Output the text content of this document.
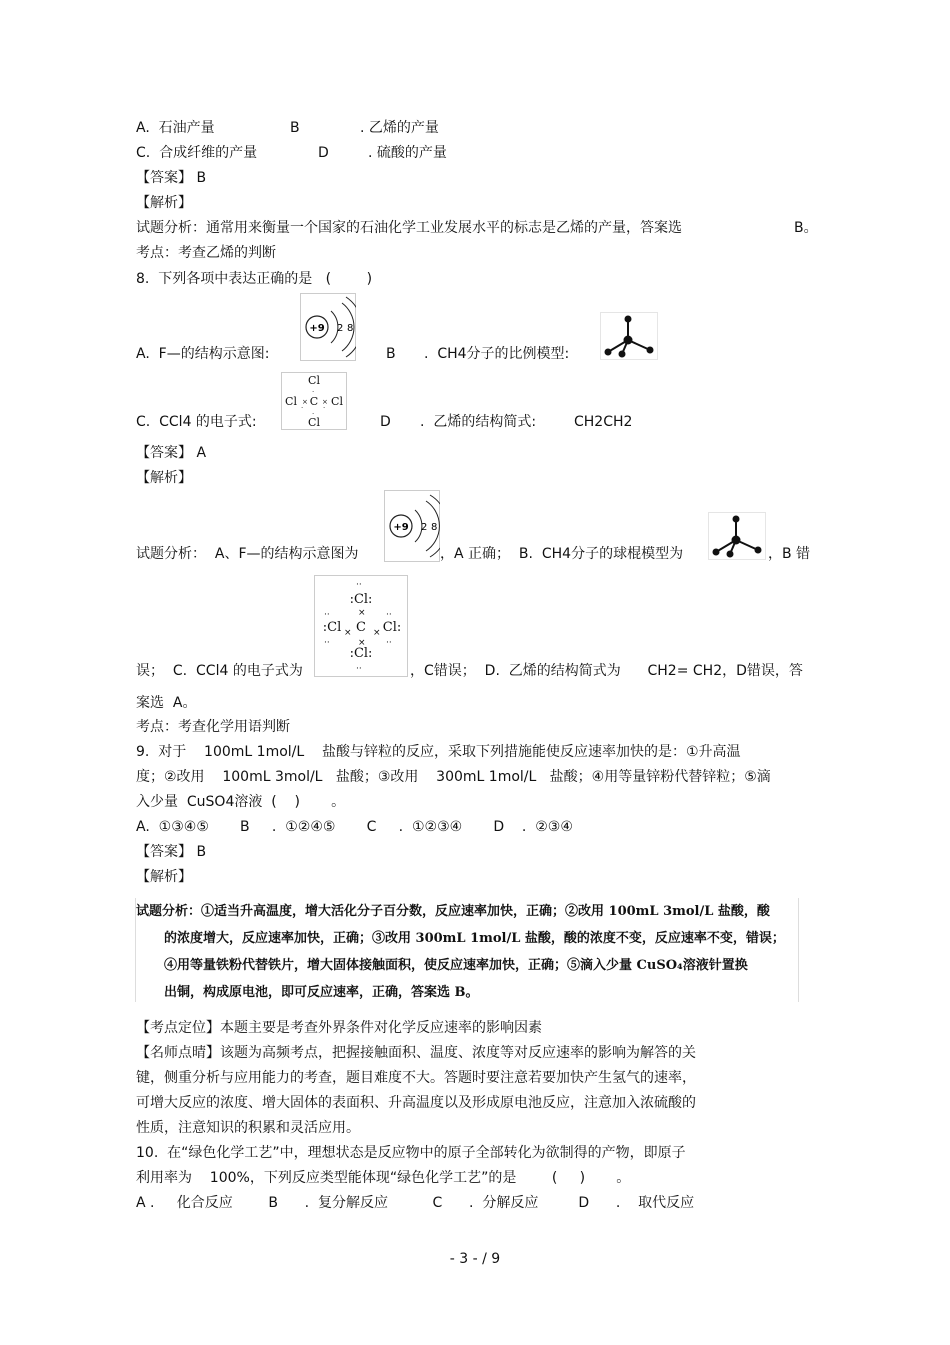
A.  石油产量	B	. 乙烯的产量
C.  合成纤维的产量	D	. 硫酸的产量
【答案】 B
【解析】
试题分析：通常用来衡量一个国家的石油化学工业发展水平的标志是乙烯的产量，答案选	B。
考点：考查乙烯的判断
8.  下列各项中表达正确的是   (        )
+9 2 8
A.  F—的结构示意图:	B .  CH4分子的比例模型:
Cl
Cl C Cl
Cl
× ×
·
·
·	·
C.  CCl4 的电子式:	D .  乙烯的结构简式:	CH2CH2
【答案】 A
【解析】
+9 2 8
试题分析：  A、F—的结构示意图为	，A 正确；  B.  CH4分子的球棍模型为	，B 错
:Cl:
:Cl C Cl:
:Cl:
··
··
··	··
··	··
×
×
× ×
误；  C.  CCl4 的电子式为	，C错误；  D.  乙烯的结构简式为      CH2= CH2，D错误，答
案选  A。
考点：考查化学用语判断
9.  对于    100mL 1mol/L    盐酸与锌粒的反应，采取下列措施能使反应速率加快的是：①升高温
度；②改用    100mL 3mol/L   盐酸；③改用    300mL 1mol/L   盐酸；④用等量锌粉代替锌粒；⑤滴
入少量  CuSO4溶液  (    )       。
A.  ①③④⑤       B     .  ①②④⑤       C     .  ①②③④       D    .  ②③④
【答案】 B
【解析】
试题分析：①适当升高温度，增大活化分子百分数，反应速率加快，正确；②改用 100mL 3mol/L 盐酸，酸
的浓度增大，反应速率加快，正确；③改用 300mL 1mol/L 盐酸，酸的浓度不变，反应速率不变，错误；
④用等量铁粉代替铁片，增大固体接触面积，使反应速率加快，正确；⑤滴入少量 CuSO₄溶液针置换
出铜，构成原电池，即可反应速率，正确，答案选 B。
【考点定位】本题主要是考查外界条件对化学反应速率的影响因素
【名师点晴】该题为高频考点，把握接触面积、温度、浓度等对反应速率的影响为解答的关
键，侧重分析与应用能力的考查，题目难度不大。答题时要注意若要加快产生氢气的速率，
可增大反应的浓度、增大固体的表面积、升高温度以及形成原电池反应，注意加入浓硫酸的
性质，注意知识的积累和灵活应用。
10.  在“绿色化学工艺”中，理想状态是反应物中的原子全部转化为欲制得的产物，即原子
利用率为    100%，下列反应类型能体现“绿色化学工艺”的是        (     )       。
A .     化合反应        B      .  复分解反应          C      .  分解反应         D      .    取代反应
- 3 - / 9
